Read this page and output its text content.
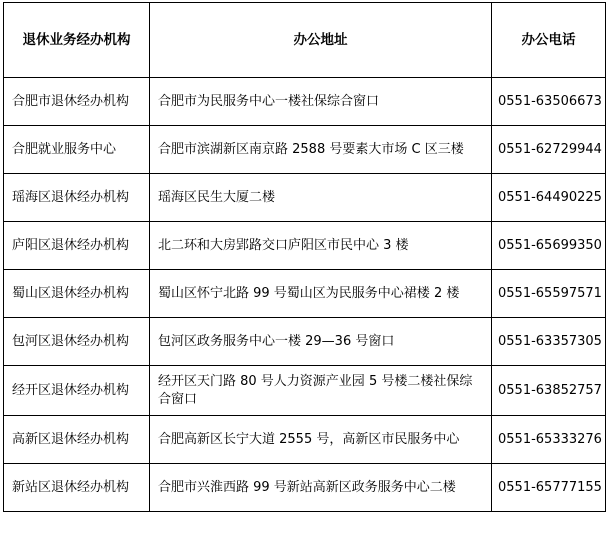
退休业务经办机构	办公地址	办公电话
合肥市退休经办机构	合肥市为民服务中心一楼社保综合窗口	0551-63506673
合肥就业服务中心	合肥市滨湖新区南京路 2588 号要素大市场 C 区三楼	0551-62729944
瑶海区退休经办机构	瑶海区民生大厦二楼	0551-64490225
庐阳区退休经办机构	北二环和大房郢路交口庐阳区市民中心 3 楼	0551-65699350
蜀山区退休经办机构	蜀山区怀宁北路 99 号蜀山区为民服务中心裙楼 2 楼	0551-65597571
包河区退休经办机构	包河区政务服务中心一楼 29—36 号窗口	0551-63357305
经开区退休经办机构	经开区天门路 80 号人力资源产业园 5 号楼二楼社保综合窗口	0551-63852757
高新区退休经办机构	合肥高新区长宁大道 2555 号，高新区市民服务中心	0551-65333276
新站区退休经办机构	合肥市兴淮西路 99 号新站高新区政务服务中心二楼	0551-65777155
